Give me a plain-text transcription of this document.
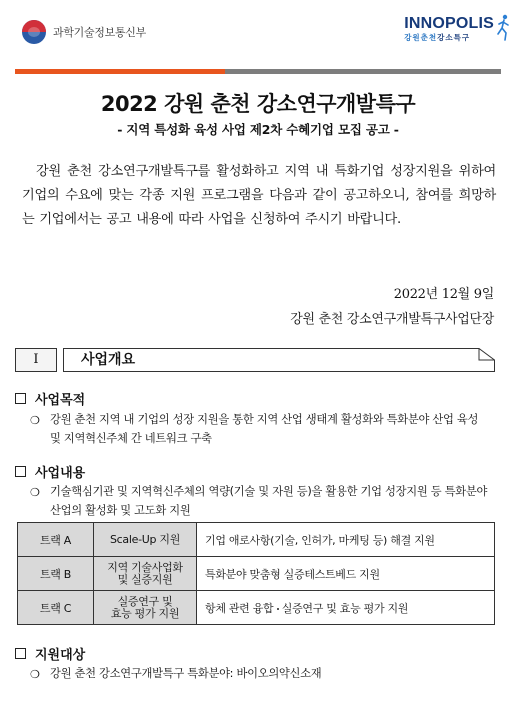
과학기술정보통신부
INNOPOLIS
강원춘천강소특구
2022 강원 춘천 강소연구개발특구
- 지역 특성화 육성 사업 제2차 수혜기업 모집 공고 -

강원 춘천 강소연구개발특구를 활성화하고 지역 내 특화기업 성장지원을 위하여 기업의 수요에 맞는 각종 지원 프로그램을 다음과 같이 공고하오니, 참여를 희망하는 기업에서는 공고 내용에 따라 사업을 신청하여 주시기 바랍니다.

2022년 12월 9일
강원 춘천 강소연구개발특구사업단장
Ⅰ	사업개요
사업목적
❍ 강원 춘천 지역 내 기업의 성장 지원을 통한 지역 산업 생태계 활성화와 특화분야 산업 육성 및 지역혁신주체 간 네트워크 구축
사업내용
❍ 기술핵심기관 및 지역혁신주체의 역량(기술 및 자원 등)을 활용한 기업 성장지원 등 특화분야 산업의 활성화 및 고도화 지원
트랙 A	Scale-Up 지원	기업 애로사항(기술, 인허가, 마케팅 등) 해결 지원
트랙 B	지역 기술사업화
및 실증지원	특화분야 맞춤형 실증테스트베드 지원
트랙 C	실증연구 및
효능 평가 지원	항체 관련 융합 실증연구 및 효능 평가 지원
지원대상
❍ 강원 춘천 강소연구개발특구 특화분야: 바이오의약신소재
